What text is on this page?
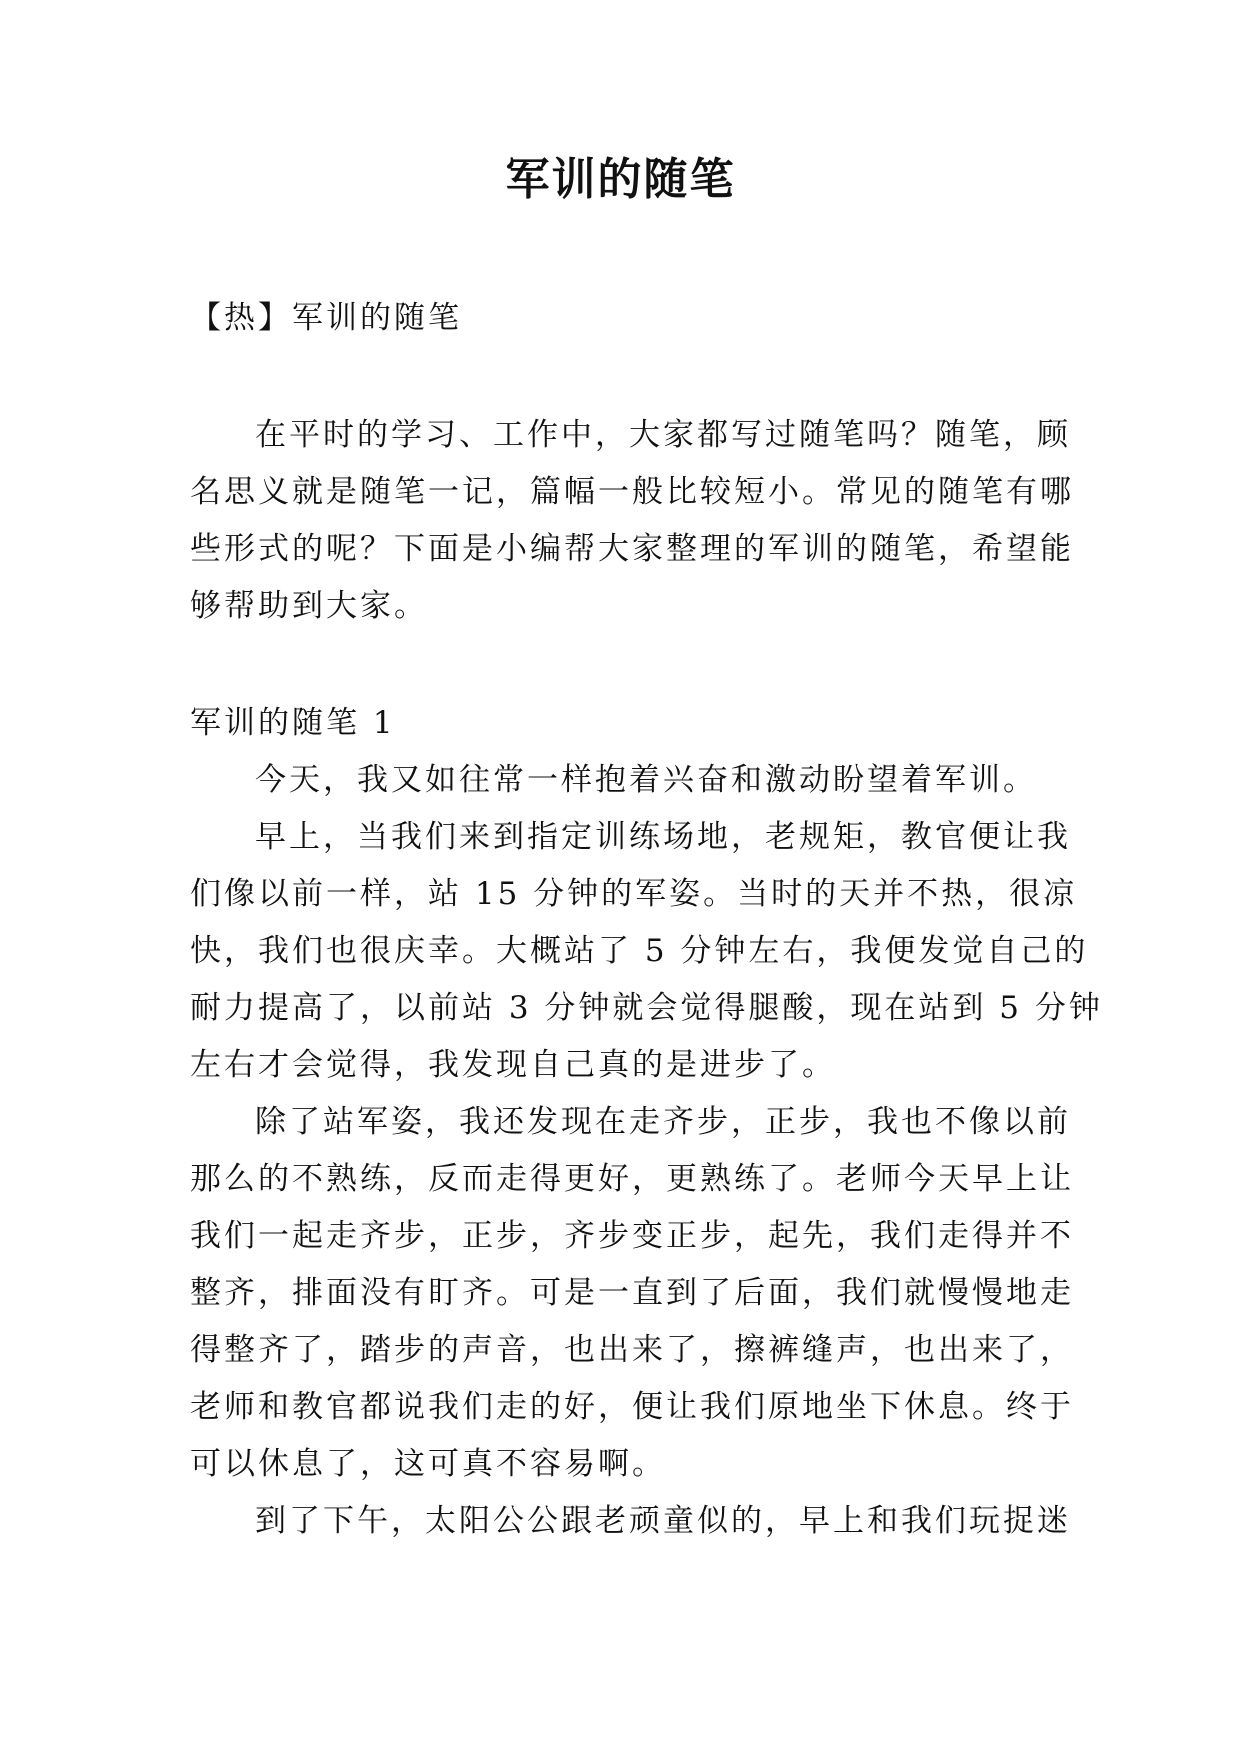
军训的随笔
【热】军训的随笔
在平时的学习、工作中，大家都写过随笔吗？随笔，顾
名思义就是随笔一记，篇幅一般比较短小。常见的随笔有哪
些形式的呢？下面是小编帮大家整理的军训的随笔，希望能
够帮助到大家。
军训的随笔 1
今天，我又如往常一样抱着兴奋和激动盼望着军训。
早上，当我们来到指定训练场地，老规矩，教官便让我
们像以前一样，站 15 分钟的军姿。当时的天并不热，很凉
快，我们也很庆幸。大概站了 5 分钟左右，我便发觉自己的
耐力提高了，以前站 3 分钟就会觉得腿酸，现在站到 5 分钟
左右才会觉得，我发现自己真的是进步了。
除了站军姿，我还发现在走齐步，正步，我也不像以前
那么的不熟练，反而走得更好，更熟练了。老师今天早上让
我们一起走齐步，正步，齐步变正步，起先，我们走得并不
整齐，排面没有盯齐。可是一直到了后面，我们就慢慢地走
得整齐了，踏步的声音，也出来了，擦裤缝声，也出来了，
老师和教官都说我们走的好，便让我们原地坐下休息。终于
可以休息了，这可真不容易啊。
到了下午，太阳公公跟老顽童似的，早上和我们玩捉迷
